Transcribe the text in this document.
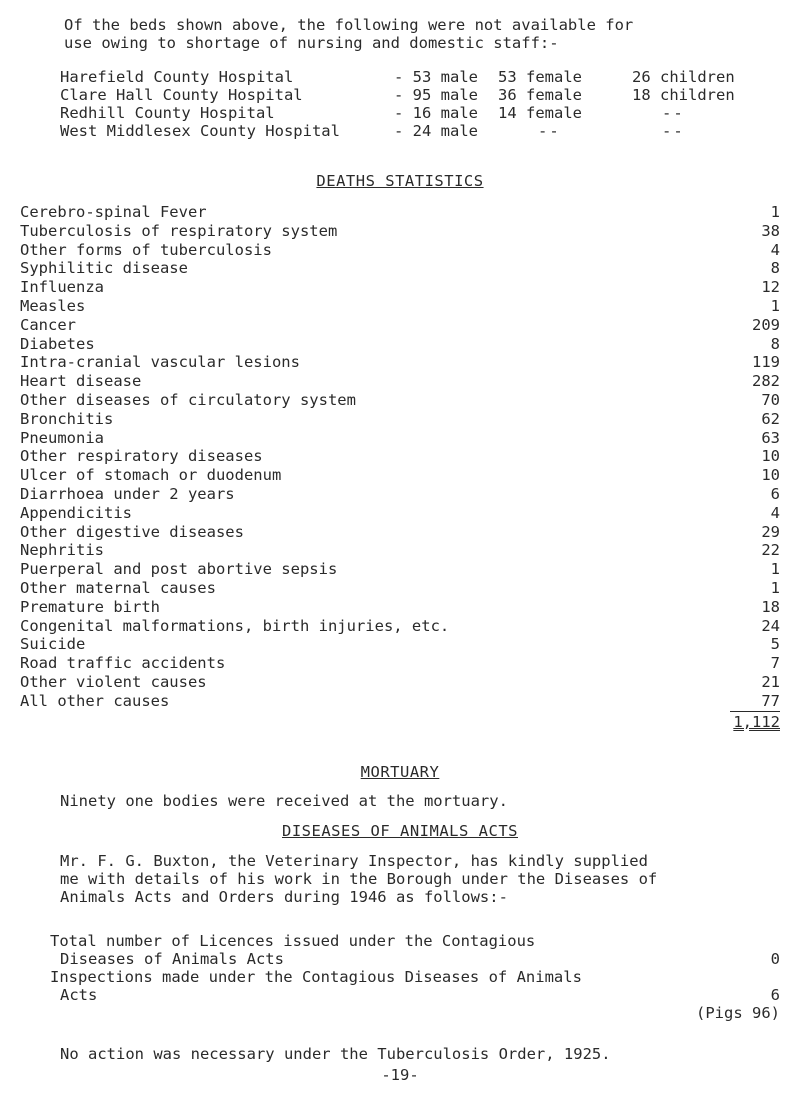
Of the beds shown above, the following were not available for

use owing to shortage of nursing and domestic staff:-

Harefield County Hospital	- 53 male 53 female	26 children
Clare Hall County Hospital	- 95 male 36 female	18 children
Redhill County Hospital	- 16 male 14 female	--
West Middlesex County Hospital	- 24 male	--	--
DEATHS STATISTICS
Cerebro-spinal Fever	1
Tuberculosis of respiratory system	38
Other forms of tuberculosis	4
Syphilitic disease	8
Influenza	12
Measles	1
Cancer	209
Diabetes	8
Intra-cranial vascular lesions	119
Heart disease	282
Other diseases of circulatory system	70
Bronchitis	62
Pneumonia	63
Other respiratory diseases	10
Ulcer of stomach or duodenum	10
Diarrhoea under 2 years	6
Appendicitis	4
Other digestive diseases	29
Nephritis	22
Puerperal and post abortive sepsis	1
Other maternal causes	1
Premature birth	18
Congenital malformations, birth injuries, etc.	24
Suicide	5
Road traffic accidents	7
Other violent causes	21
All other causes	77
1,112
MORTUARY

Ninety one bodies were received at the mortuary.

DISEASES OF ANIMALS ACTS

Mr. F. G. Buxton, the Veterinary Inspector, has kindly supplied

me with details of his work in the Borough under the Diseases of

Animals Acts and Orders during 1946 as follows:-

Total number of Licences issued under the Contagious
Diseases of Animals Acts	0
Inspections made under the Contagious Diseases of Animals
Acts	6
(Pigs 96)

No action was necessary under the Tuberculosis Order, 1925.

-19-
